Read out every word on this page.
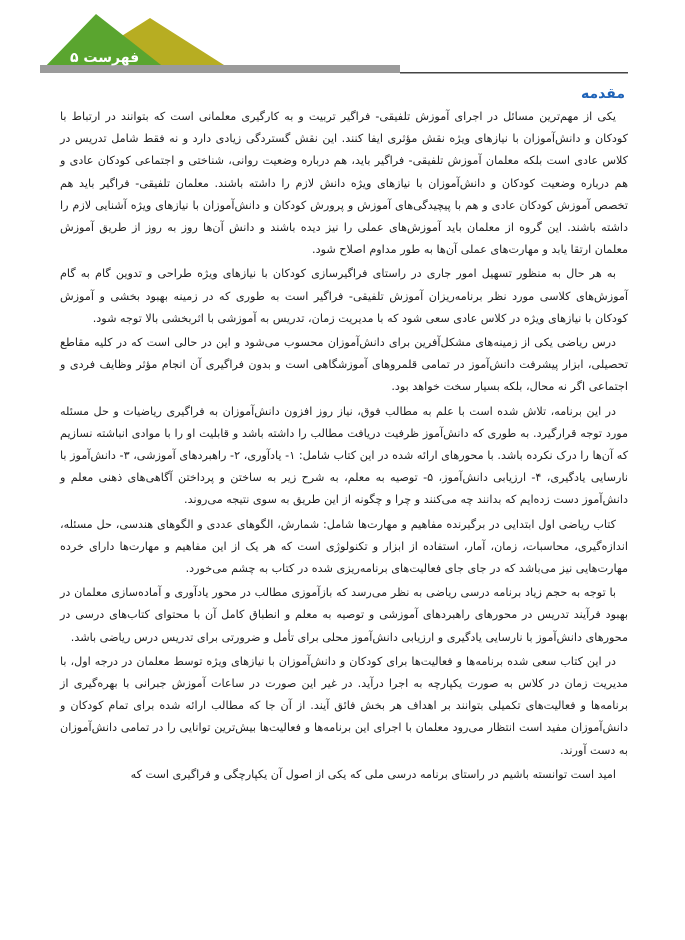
فهرست ۵
مقدمه

یکی از مهم‌ترین مسائل در اجرای آموزش تلفیقی- فراگیر تربیت و به کارگیری معلمانی است که بتوانند در ارتباط با کودکان و دانش‌آموزان با نیازهای ویژه نقش مؤثری ایفا کنند. این نقش گستردگی زیادی دارد و نه فقط شامل تدریس در کلاس عادی است بلکه معلمان آموزش تلفیقی- فراگیر باید، هم درباره وضعیت روانی، شناختی و اجتماعی کودکان عادی و هم درباره وضعیت کودکان و دانش‌آموزان با نیازهای ویژه دانش لازم را داشته باشند. معلمان تلفیقی- فراگیر باید هم تخصص آموزش کودکان عادی و هم با پیچیدگی‌های آموزش و پرورش کودکان و دانش‌آموزان با نیازهای ویژه آشنایی لازم را داشته باشند. این گروه از معلمان باید آموزش‌های عملی را نیز دیده باشند و دانش آن‌ها روز به روز از طریق آموزش معلمان ارتقا یابد و مهارت‌های عملی آن‌ها به طور مداوم اصلاح شود.

به هر حال به منظور تسهیل امور جاری در راستای فراگیرسازی کودکان با نیازهای ویژه طراحی و تدوین گام به گام آموزش‌های کلاسی مورد نظر برنامه‌ریزان آموزش تلفیقی- فراگیر است به طوری که در زمینه بهبود بخشی و آموزش کودکان با نیازهای ویژه در کلاس عادی سعی شود که با مدیریت زمان، تدریس به آموزشی با اثربخشی بالا توجه شود.

درس ریاضی یکی از زمینه‌های مشکل‌آفرین برای دانش‌آموزان محسوب می‌شود و این در حالی است که در کلیه مقاطع تحصیلی، ابزار پیشرفت دانش‌آموز در تمامی قلمروهای آموزشگاهی است و بدون فراگیری آن انجام مؤثر وظایف فردی و اجتماعی اگر نه محال، بلکه بسیار سخت خواهد بود.

در این برنامه، تلاش شده است با علم به مطالب فوق، نیاز روز افزون دانش‌آموزان به فراگیری ریاضیات و حل مسئله مورد توجه قرارگیرد. به طوری که دانش‌آموز ظرفیت دریافت مطالب را داشته باشد و قابلیت او را با موادی انباشته نسازیم که آن‌ها را درک نکرده باشد. با محورهای ارائه شده در این کتاب شامل: ۱- یادآوری، ۲- راهبردهای آموزشی، ۳- دانش‌آموز با نارسایی یادگیری، ۴- ارزیابی دانش‌آموز، ۵- توصیه به معلم، به شرح زیر به ساختن و پرداختن آگاهی‌های ذهنی معلم و دانش‌آموز دست زده‌ایم که بدانند چه می‌کنند و چرا و چگونه از این طریق به سوی نتیجه می‌روند.

کتاب ریاضی اول ابتدایی در برگیرنده مفاهیم و مهارت‌ها شامل: شمارش، الگوهای عددی و الگوهای هندسی، حل مسئله، اندازه‌گیری، محاسبات، زمان، آمار، استفاده از ابزار و تکنولوژی است که هر یک از این مفاهیم و مهارت‌ها دارای خرده مهارت‌هایی نیز می‌باشد که در جای جای فعالیت‌های برنامه‌ریزی شده در کتاب به چشم می‌خورد.

با توجه به حجم زیاد برنامه درسی ریاضی به نظر می‌رسد که بازآموزی مطالب در محور یادآوری و آماده‌سازی معلمان در بهبود فرآیند تدریس در محورهای راهبردهای آموزشی و توصیه به معلم و انطباق کامل آن با محتوای کتاب‌های درسی در محورهای دانش‌آموز با نارسایی یادگیری و ارزیابی دانش‌آموز محلی برای تأمل و ضرورتی برای تدریس درس ریاضی باشد.

در این کتاب سعی شده برنامه‌ها و فعالیت‌ها برای کودکان و دانش‌آموزان با نیازهای ویژه توسط معلمان در درجه اول، با مدیریت زمان در کلاس به صورت یکپارچه به اجرا درآید. در غیر این صورت در ساعات آموزش جبرانی با بهره‌گیری از برنامه‌ها و فعالیت‌های تکمیلی بتوانند بر اهداف هر بخش فائق آیند. از آن جا که مطالب ارائه شده برای تمام کودکان و دانش‌آموزان مفید است انتظار می‌رود معلمان با اجرای این برنامه‌ها و فعالیت‌ها بیش‌ترین توانایی را در تمامی دانش‌آموزان به دست آورند.

امید است توانسته باشیم در راستای برنامه درسی ملی که یکی از اصول آن یکپارچگی و فراگیری است که
